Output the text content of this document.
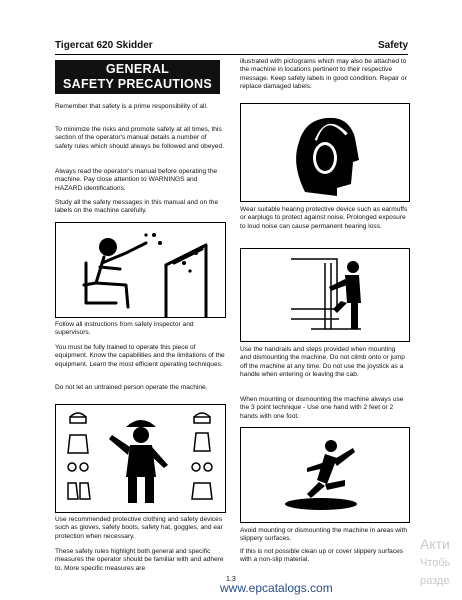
Tigercat 620 Skidder	Safety
GENERAL
SAFETY PRECAUTIONS

Remember that safety is a prime responsibility of all.

To minimize the risks and promote safety at all times, this section of the operator's manual details a number of safety rules which should always be followed and obeyed.

Always read the operator's manual before operating the machine. Pay close attention to WARNINGS and HAZARD identifications.

Study all the safety messages in this manual and on the labels on the machine carefully.

Follow all instructions from safety inspector and supervisors.

You must be fully trained to operate this piece of equipment. Know the capabilities and the limitations of the equipment. Learn the most efficient operating techniques.

Do not let an untrained person operate the machine.

Use recommended protective clothing and safety devices such as gloves, safety boots, safety hat, goggles, and ear protection when necessary.

These safety rules highlight both general and specific measures the operator should be familiar with and adhere to. More specific measures are

illustrated with pictograms which may also be attached to the machine in locations pertinent to their respective message. Keep safety labels in good condition. Repair or replace damaged labels.

Wear suitable hearing protective device such as earmuffs or earplugs to protect against noise. Prolonged exposure to loud noise can cause permanent hearing loss.

Use the handrails and steps provided when mounting and dismounting the machine. Do not climb onto or jump off the machine at any time. Do not use the joystick as a handle when entering or leaving the cab.

When mounting or dismounting the machine always use the 3 point technique - Use one hand with 2 feet or 2 hands with one foot.

Avoid mounting or dismounting the machine in areas with slippery surfaces.

If this is not possible clean up or cover slippery surfaces with a non-slip material.

1.3
www.epcatalogs.com
Акти
Чтобь
разде
